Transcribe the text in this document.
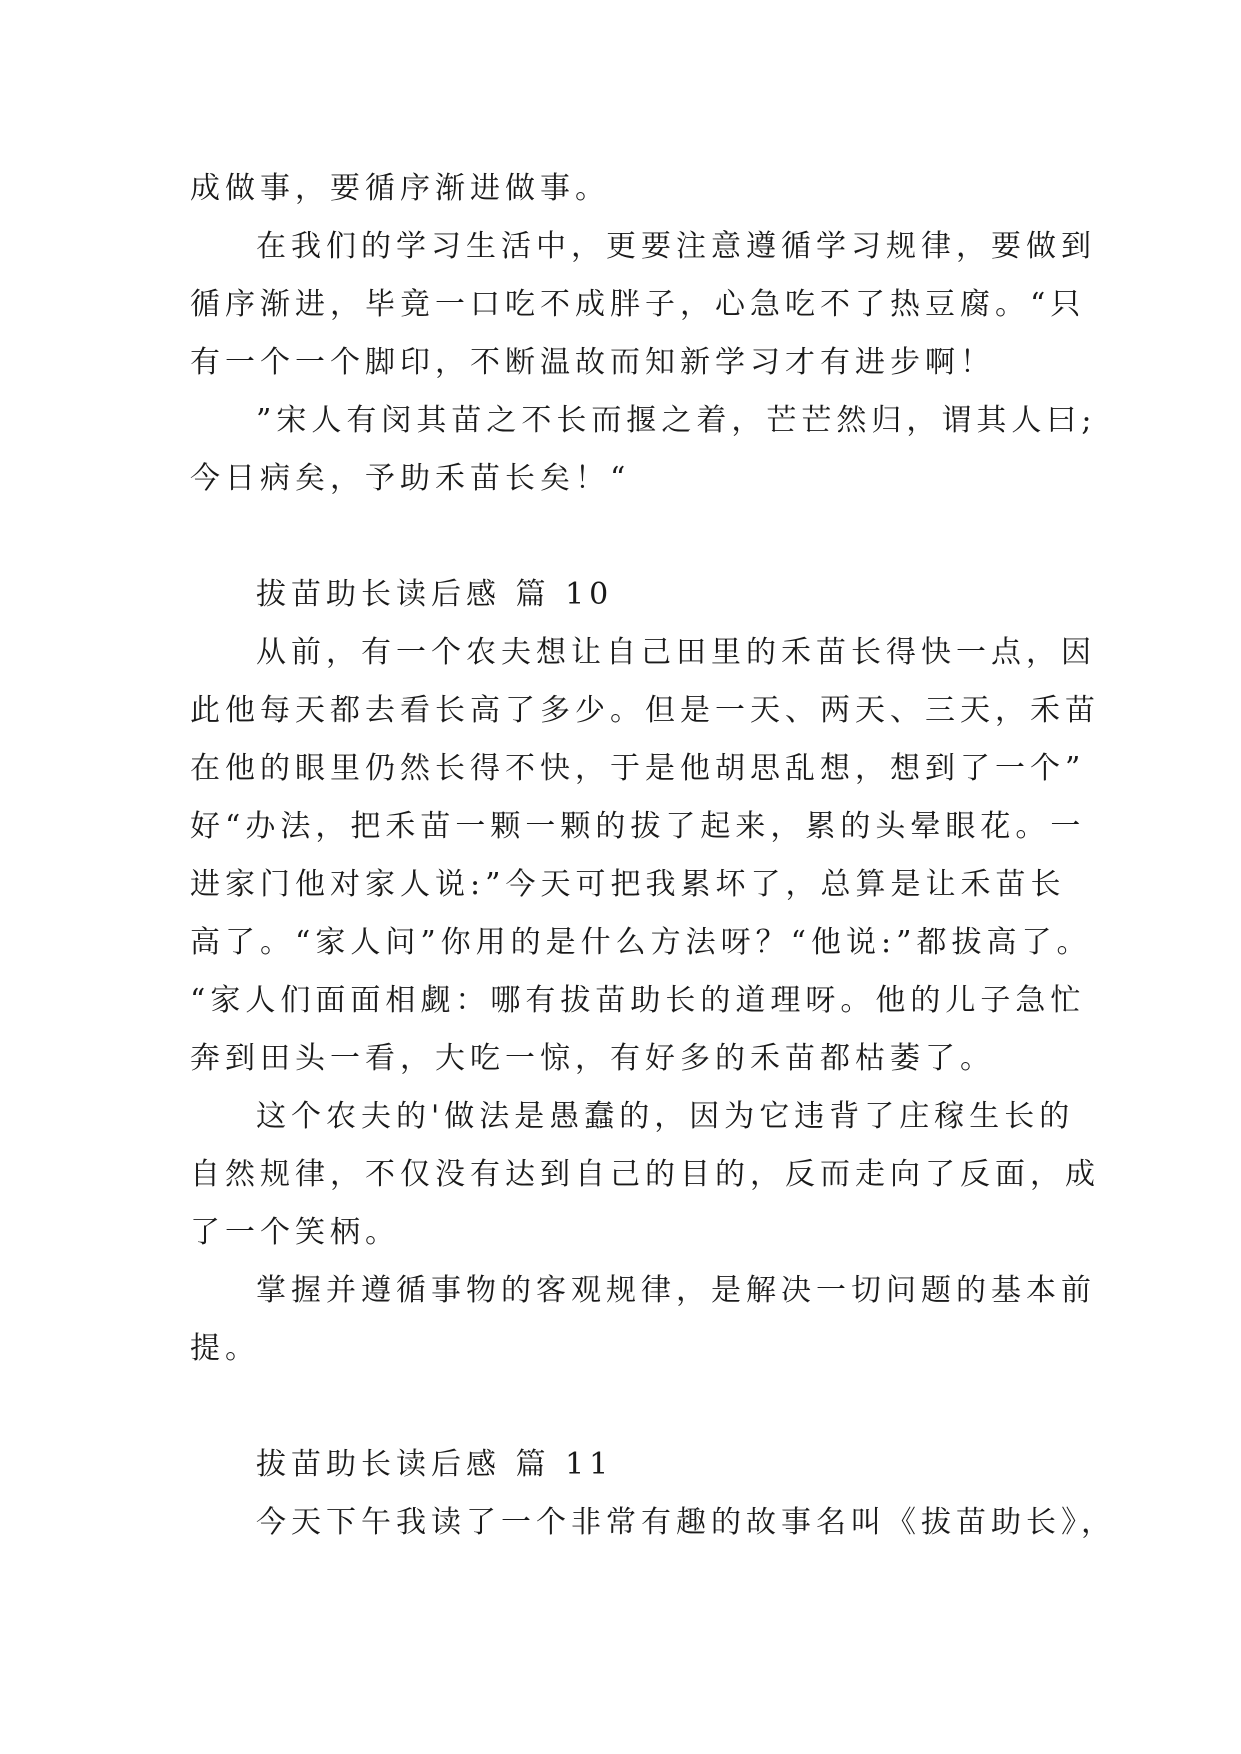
成做事，要循序渐进做事。
在我们的学习生活中，更要注意遵循学习规律，要做到
循序渐进，毕竟一口吃不成胖子，心急吃不了热豆腐。“只
有一个一个脚印，不断温故而知新学习才有进步啊！
”宋人有闵其苗之不长而揠之着，芒芒然归，谓其人曰;
今日病矣，予助禾苗长矣！“
拔苗助长读后感 篇 10
从前，有一个农夫想让自己田里的禾苗长得快一点，因
此他每天都去看长高了多少。但是一天、两天、三天，禾苗
在他的眼里仍然长得不快，于是他胡思乱想，想到了一个”
好“办法，把禾苗一颗一颗的拔了起来，累的头晕眼花。一
进家门他对家人说:”今天可把我累坏了，总算是让禾苗长
高了。“家人问”你用的是什么方法呀？“他说:”都拔高了。
“家人们面面相觑：哪有拔苗助长的道理呀。他的儿子急忙
奔到田头一看，大吃一惊，有好多的禾苗都枯萎了。
这个农夫的'做法是愚蠢的，因为它违背了庄稼生长的
自然规律，不仅没有达到自己的目的，反而走向了反面，成
了一个笑柄。
掌握并遵循事物的客观规律，是解决一切问题的基本前
提。
拔苗助长读后感 篇 11
今天下午我读了一个非常有趣的故事名叫《拔苗助长》，
